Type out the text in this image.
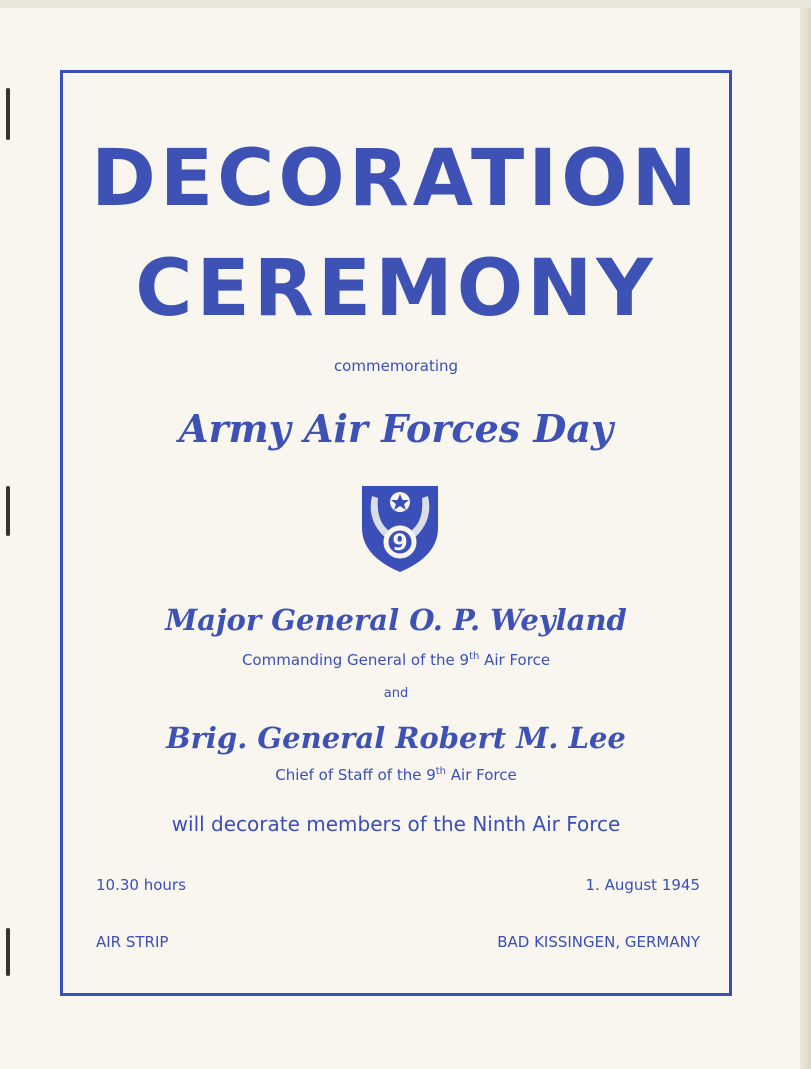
DECORATION
CEREMONY
commemorating
Army Air Forces Day
9
Major General O. P. Weyland
Commanding General of the 9th Air Force
and
Brig. General Robert M. Lee
Chief of Staff of the 9th Air Force
will decorate members of the Ninth Air Force
10.30 hours	1. August 1945
AIR STRIP	BAD KISSINGEN, GERMANY
